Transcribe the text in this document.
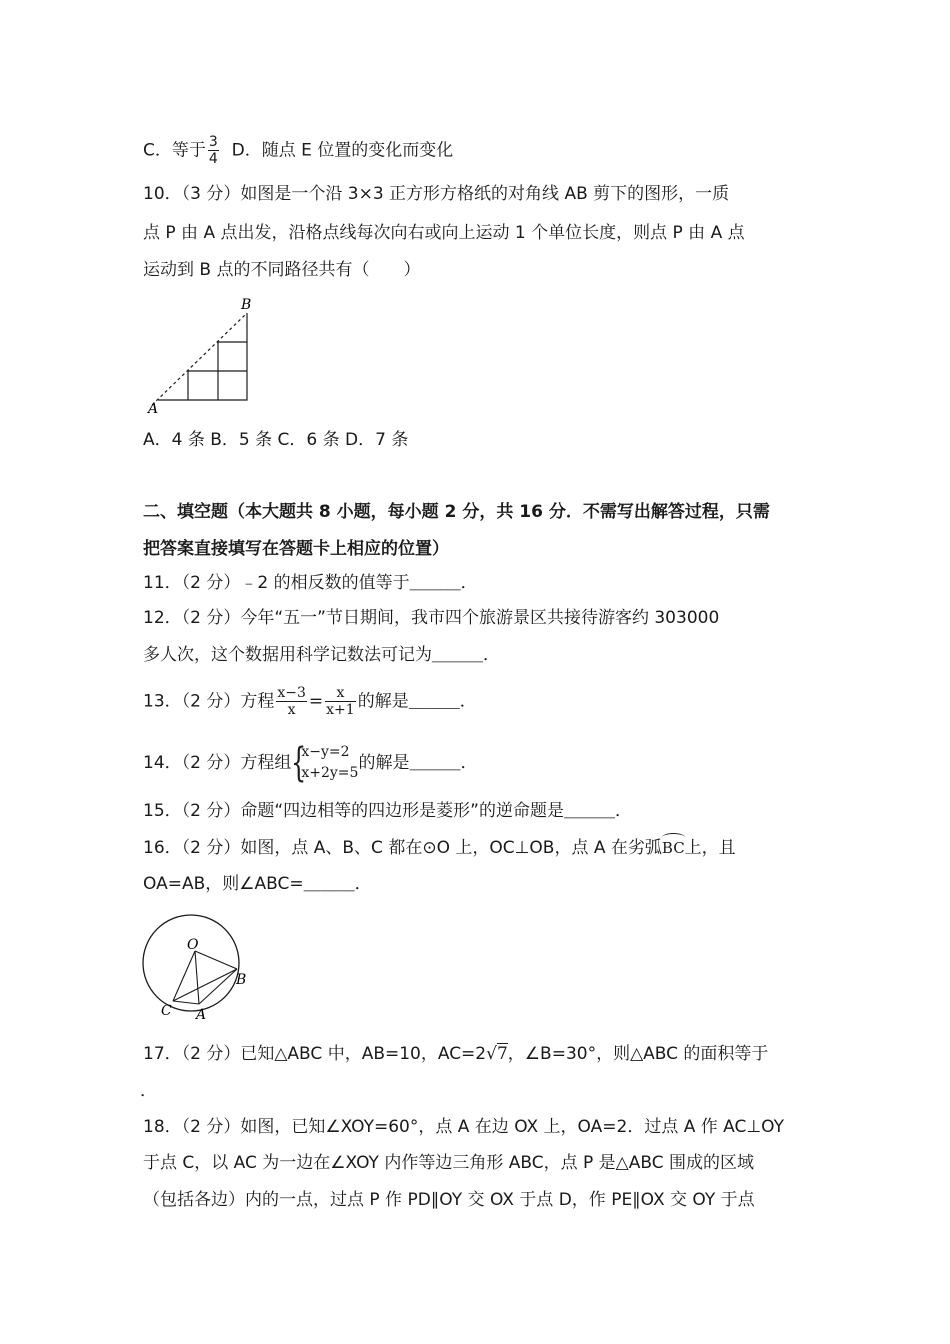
C．等于 $\frac{3}{4}$ D．随点 E 位置的变化而变化
10．（3 分）如图是一个沿 3×3 正方形方格纸的对角线 AB 剪下的图形，一质
点 P 由 A 点出发，沿格点线每次向右或向上运动 1 个单位长度，则点 P 由 A 点
运动到 B 点的不同路径共有（　　）
A
B
A．4 条 B．5 条 C．6 条 D．7 条
二、填空题（本大题共 8 小题，每小题 2 分，共 16 分．不需写出解答过程，只需
把答案直接填写在答题卡上相应的位置）
11．（2 分）﹣2 的相反数的值等于＿＿＿．
12．（2 分）今年“五一”节日期间，我市四个旅游景区共接待游客约 303000
多人次，这个数据用科学记数法可记为＿＿＿．
13．（2 分）方程 $\frac{x-3}{x} = \frac{x}{x+1}$ 的解是＿＿＿．
14．（2 分）方程组 {
x−y=2
x+2y=5 的解是＿＿＿．
15．（2 分）命题“四边相等的四边形是菱形”的逆命题是＿＿＿．
16．（2 分）如图，点 A、B、C 都在⊙O 上，OC⊥OB，点 A 在劣弧BC上，且
OA=AB，则∠ABC=＿＿＿．
O
A
B
C
17．（2 分）已知△ABC 中，AB=10，AC=2√7，∠B=30°，则△ABC 的面积等于
．
18．（2 分）如图，已知∠XOY=60°，点 A 在边 OX 上，OA=2．过点 A 作 AC⊥OY
于点 C，以 AC 为一边在∠XOY 内作等边三角形 ABC，点 P 是△ABC 围成的区域
（包括各边）内的一点，过点 P 作 PD∥OY 交 OX 于点 D，作 PE∥OX 交 OY 于点
